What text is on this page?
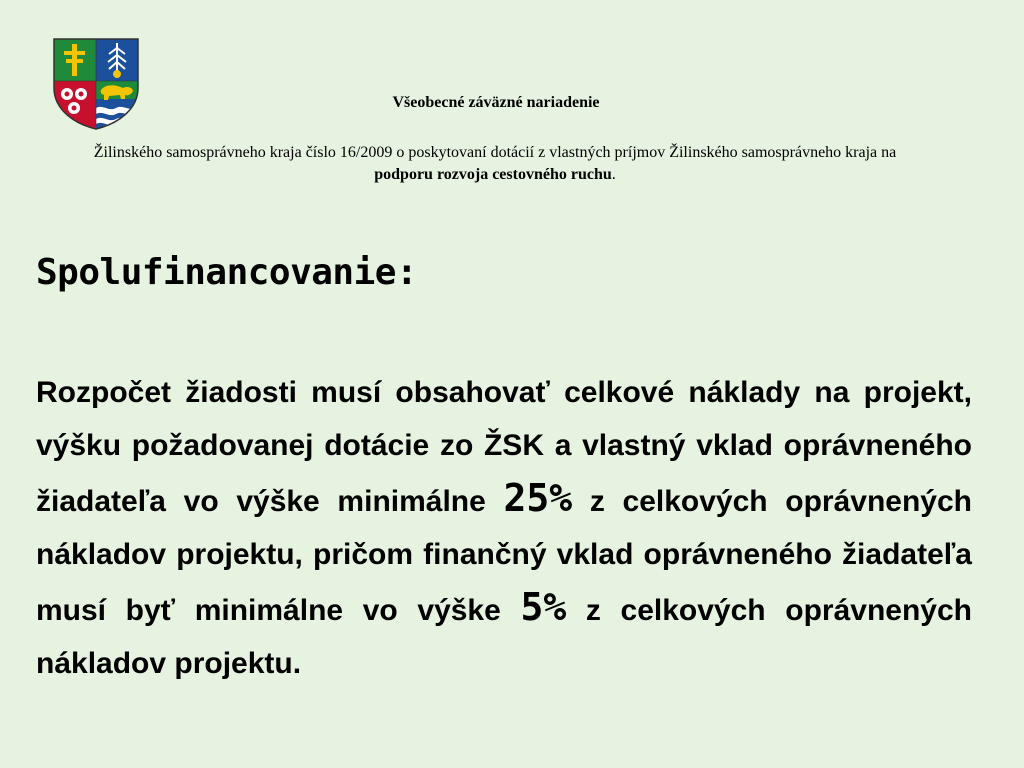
Všeobecné záväzné nariadenie

Žilinského samosprávneho kraja číslo 16/2009 o poskytovaní dotácií z vlastných príjmov Žilinského samosprávneho kraja na podporu rozvoja cestovného ruchu.

Spolufinancovanie:

Rozpočet žiadosti musí obsahovať celkové náklady na projekt, výšku požadovanej dotácie zo ŽSK a vlastný vklad oprávneného žiadateľa vo výške minimálne 25% z celkových oprávnených nákladov projektu, pričom finančný vklad oprávneného žiadateľa musí byť minimálne vo výške 5% z celkových oprávnených nákladov projektu.
